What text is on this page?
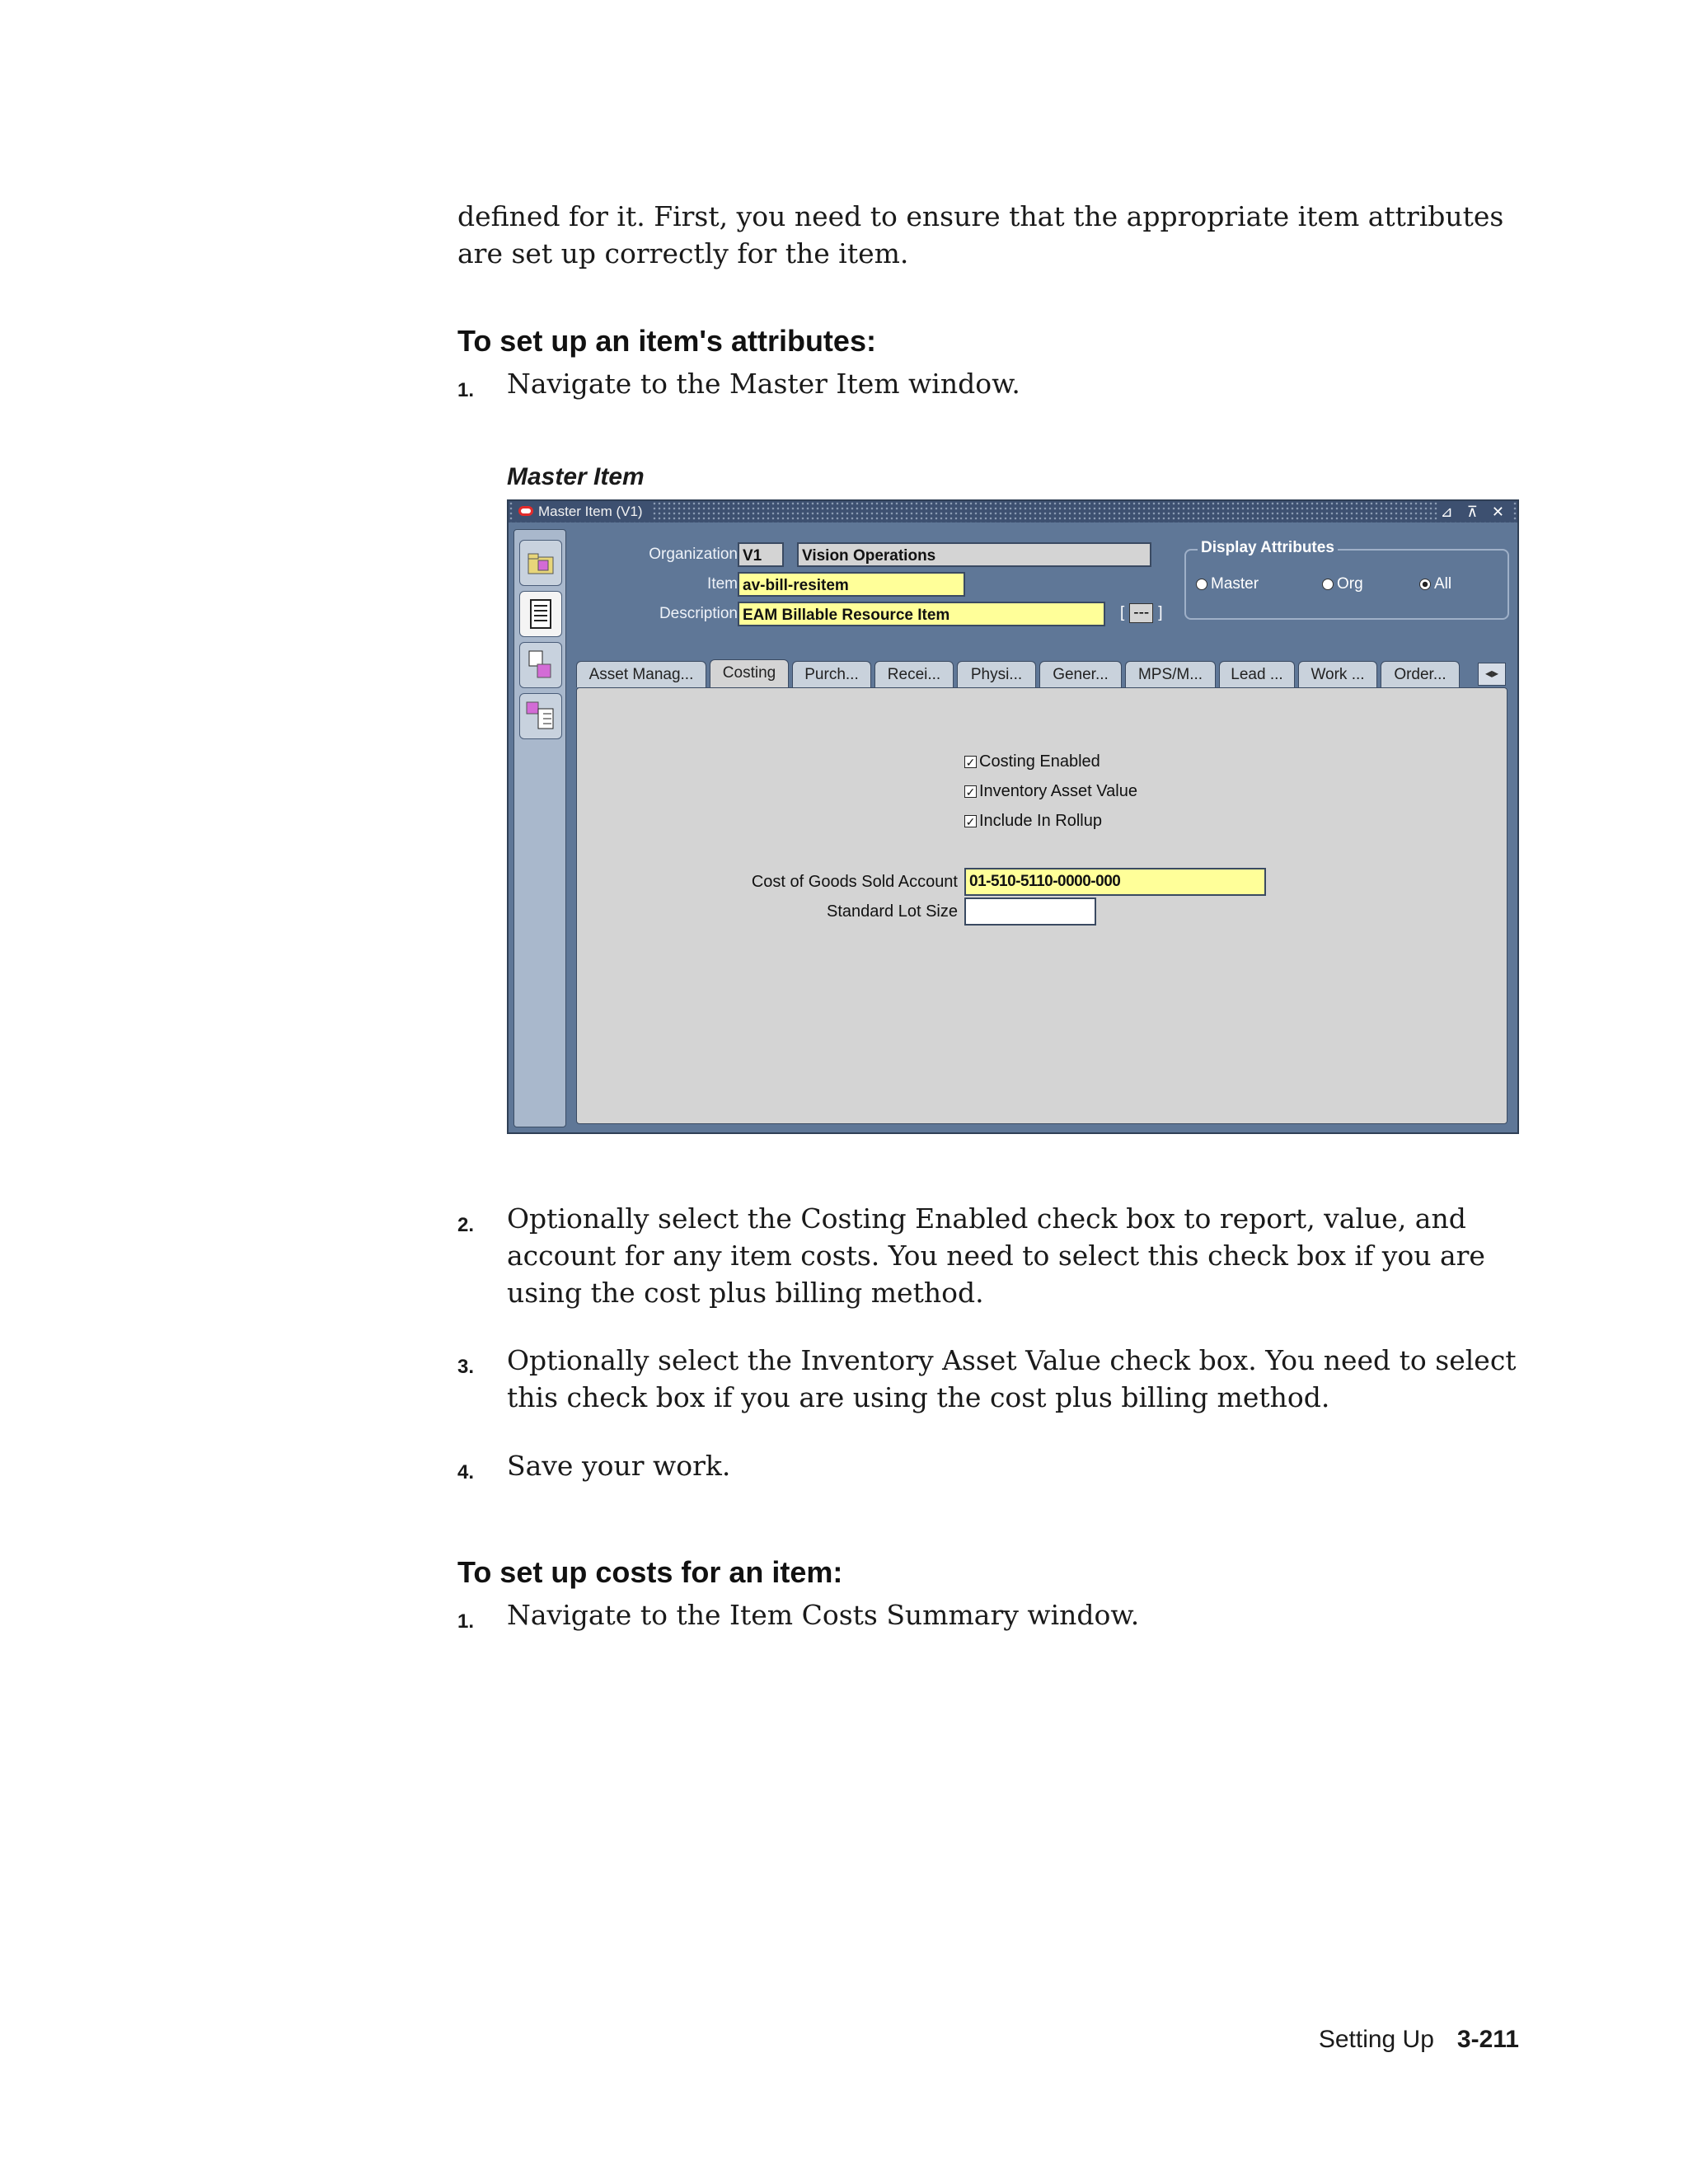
defined for it. First, you need to ensure that the appropriate item attributes are set up correctly for the item.

To set up an item's attributes:
1. Navigate to the Master Item window.
Master Item
Master Item (V1)	⊿ ⊼ ✕
Organization V1	Vision Operations
Item av-bill-resitem
Description EAM Billable Resource Item	[ --- ]
Display Attributes
Master	Org	All
Asset Manag...	Costing	Purch...	Recei...	Physi...	Gener...	MPS/M...	Lead ...	Work ...	Order...	◂▸
✓ Costing Enabled
✓ Inventory Asset Value
✓ Include In Rollup
Cost of Goods Sold Account 01-510-5110-0000-000
Standard Lot Size
2. Optionally select the Costing Enabled check box to report, value, and account for any item costs. You need to select this check box if you are using the cost plus billing method.
3. Optionally select the Inventory Asset Value check box. You need to select this check box if you are using the cost plus billing method.
4. Save your work.
To set up costs for an item:
1. Navigate to the Item Costs Summary window.
Setting Up 3-211
